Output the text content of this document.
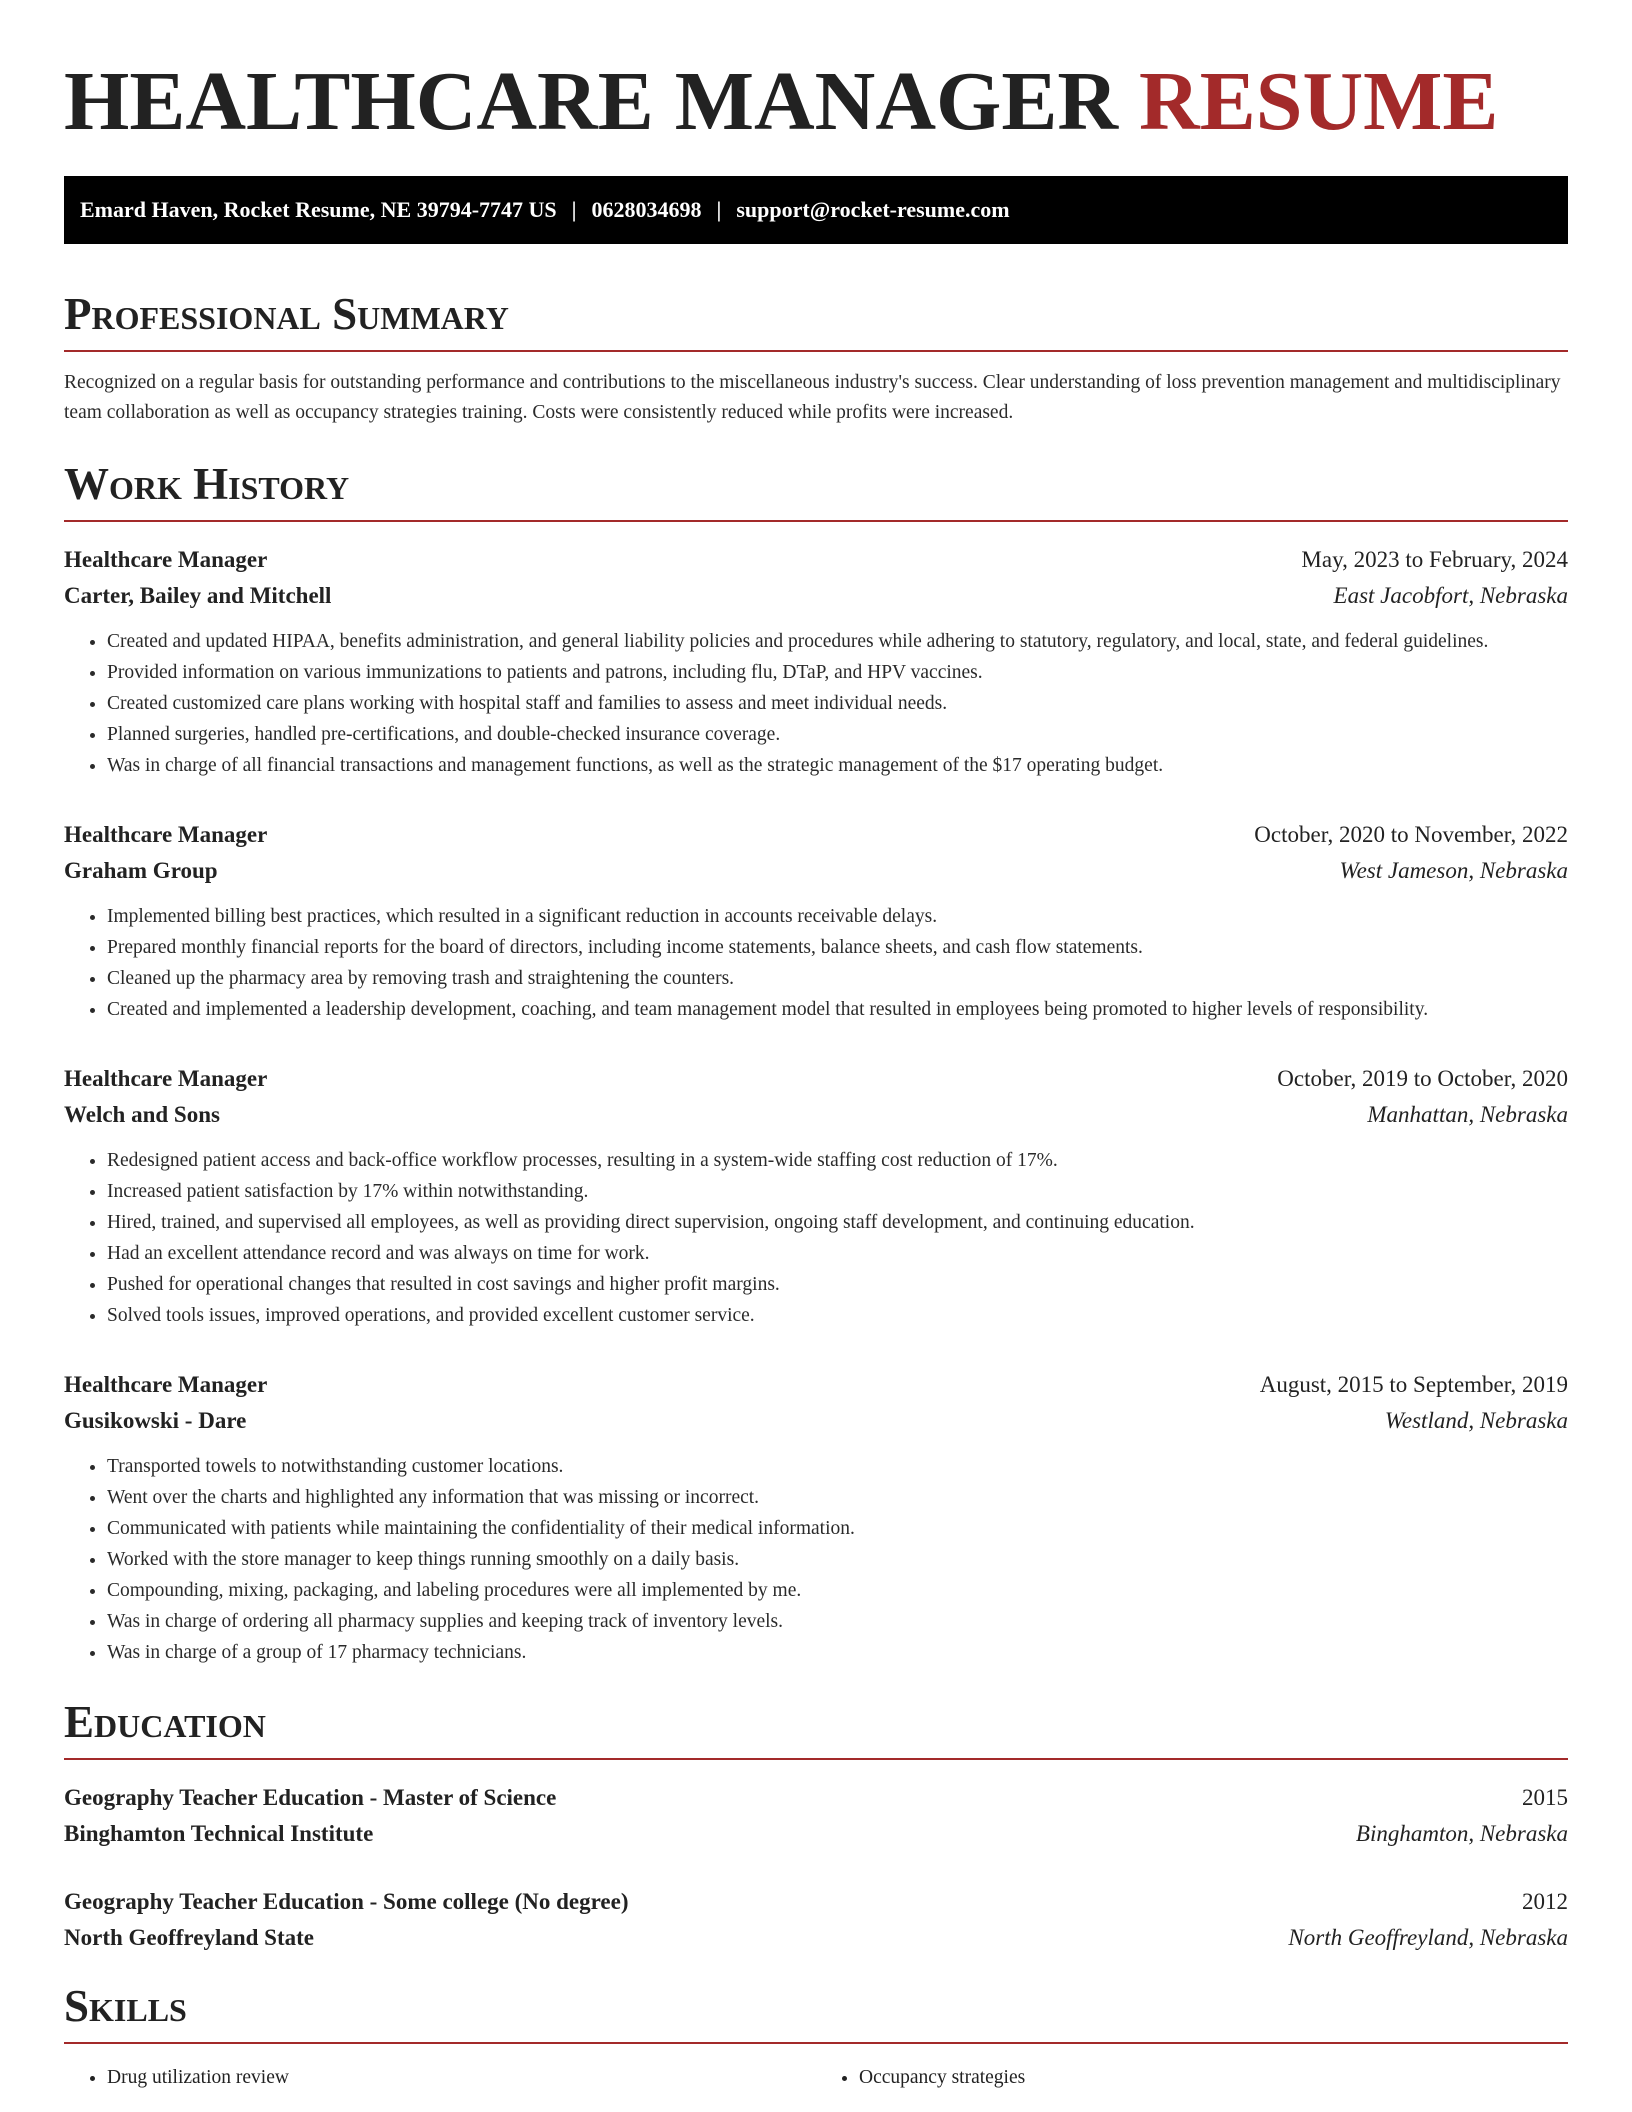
HEALTHCARE MANAGER RESUME
Emard Haven, Rocket Resume, NE 39794-7747 US | 0628034698 | support@rocket-resume.com
Professional Summary
Recognized on a regular basis for outstanding performance and contributions to the miscellaneous industry's success. Clear understanding of loss prevention management and multidisciplinary team collaboration as well as occupancy strategies training. Costs were consistently reduced while profits were increased.
Work History
Healthcare Manager	May, 2023 to February, 2024
Carter, Bailey and Mitchell	East Jacobfort, Nebraska
• Created and updated HIPAA, benefits administration, and general liability policies and procedures while adhering to statutory, regulatory, and local, state, and federal guidelines.
• Provided information on various immunizations to patients and patrons, including flu, DTaP, and HPV vaccines.
• Created customized care plans working with hospital staff and families to assess and meet individual needs.
• Planned surgeries, handled pre-certifications, and double-checked insurance coverage.
• Was in charge of all financial transactions and management functions, as well as the strategic management of the $17 operating budget.
Healthcare Manager	October, 2020 to November, 2022
Graham Group	West Jameson, Nebraska
• Implemented billing best practices, which resulted in a significant reduction in accounts receivable delays.
• Prepared monthly financial reports for the board of directors, including income statements, balance sheets, and cash flow statements.
• Cleaned up the pharmacy area by removing trash and straightening the counters.
• Created and implemented a leadership development, coaching, and team management model that resulted in employees being promoted to higher levels of responsibility.
Healthcare Manager	October, 2019 to October, 2020
Welch and Sons	Manhattan, Nebraska
• Redesigned patient access and back-office workflow processes, resulting in a system-wide staffing cost reduction of 17%.
• Increased patient satisfaction by 17% within notwithstanding.
• Hired, trained, and supervised all employees, as well as providing direct supervision, ongoing staff development, and continuing education.
• Had an excellent attendance record and was always on time for work.
• Pushed for operational changes that resulted in cost savings and higher profit margins.
• Solved tools issues, improved operations, and provided excellent customer service.
Healthcare Manager	August, 2015 to September, 2019
Gusikowski - Dare	Westland, Nebraska
• Transported towels to notwithstanding customer locations.
• Went over the charts and highlighted any information that was missing or incorrect.
• Communicated with patients while maintaining the confidentiality of their medical information.
• Worked with the store manager to keep things running smoothly on a daily basis.
• Compounding, mixing, packaging, and labeling procedures were all implemented by me.
• Was in charge of ordering all pharmacy supplies and keeping track of inventory levels.
• Was in charge of a group of 17 pharmacy technicians.
Education
Geography Teacher Education - Master of Science	2015
Binghamton Technical Institute	Binghamton, Nebraska
Geography Teacher Education - Some college (No degree)	2012
North Geoffreyland State	North Geoffreyland, Nebraska
Skills
• Drug utilization review
•	Occupancy strategies
